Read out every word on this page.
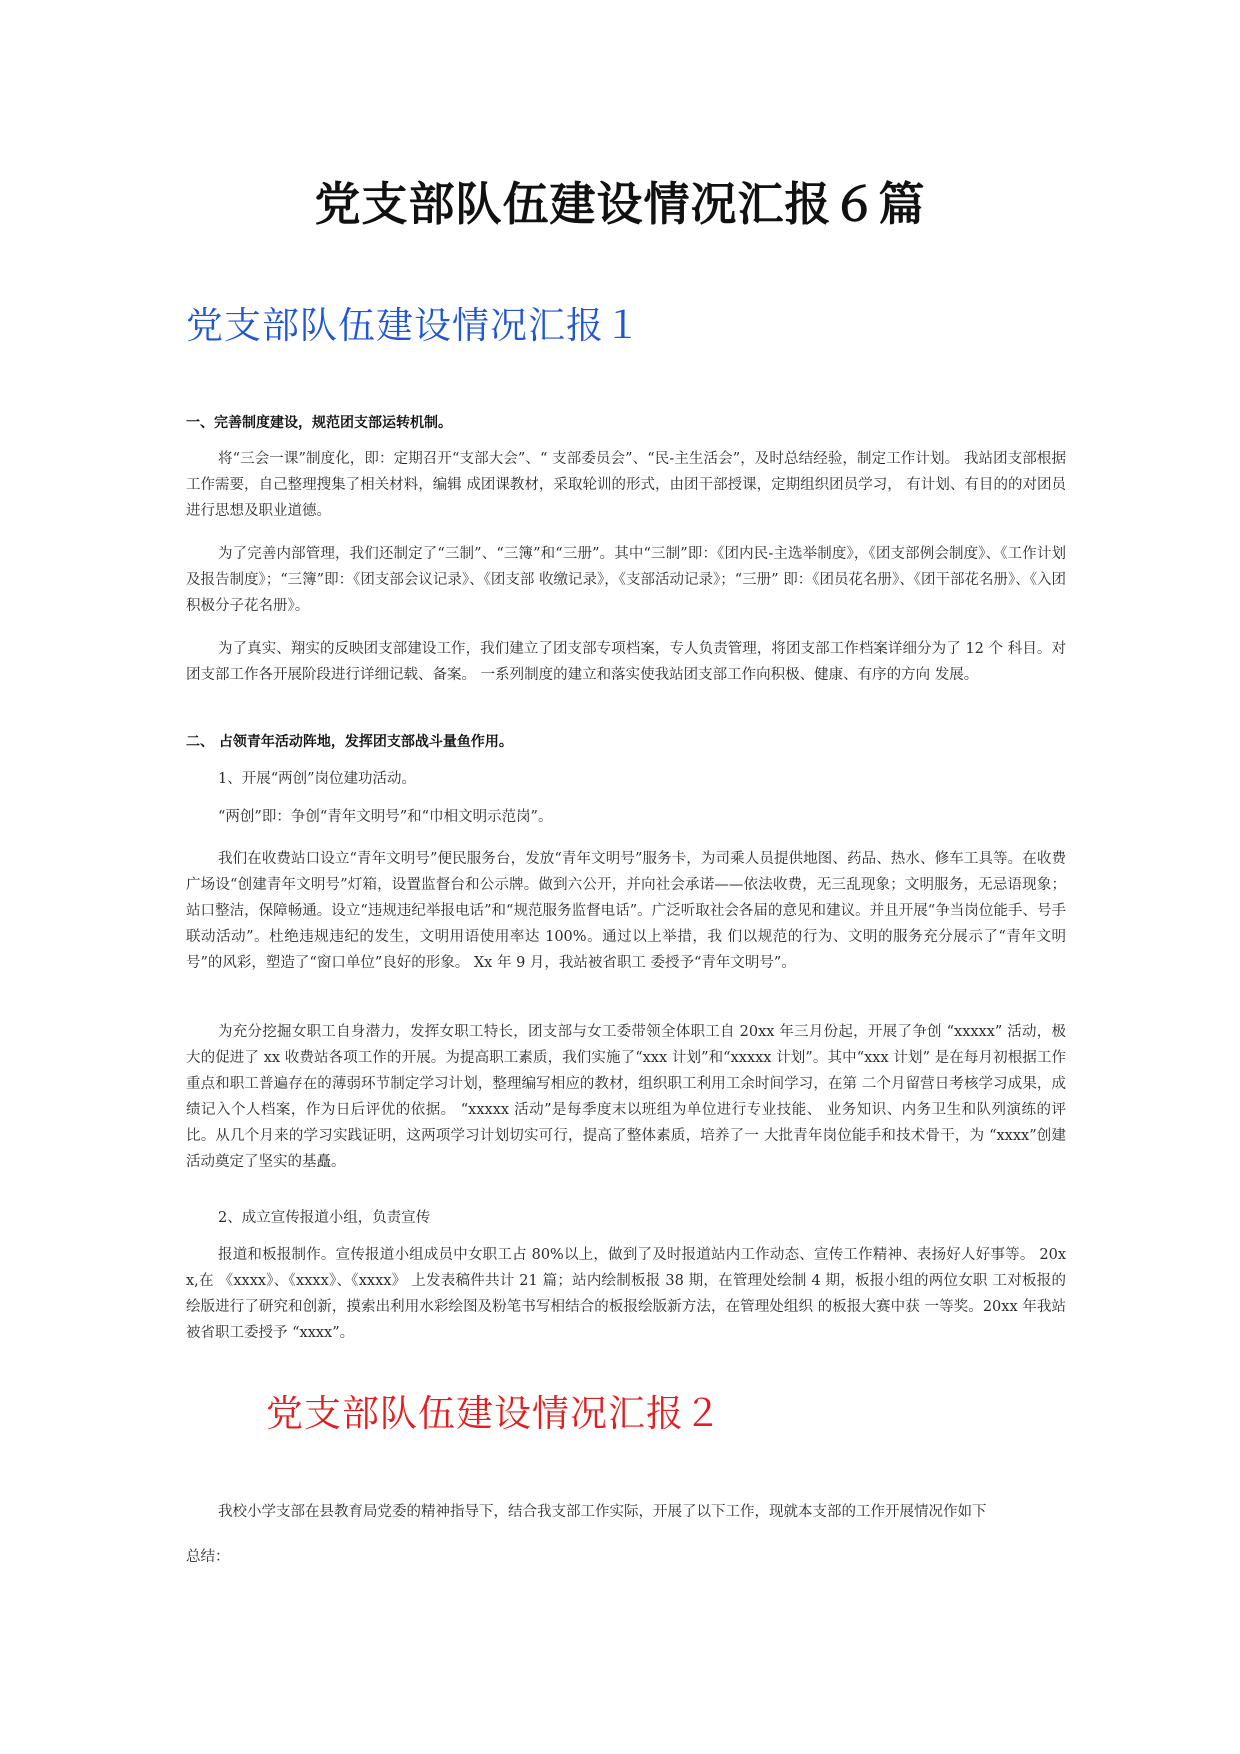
党支部队伍建设情况汇报６篇
党支部队伍建设情况汇报１

一、完善制度建设，规范团支部运转机制。

将“三会一课”制度化，即：定期召开“支部大会”、“ 支部委员会”、“民-主生活会”，及时总结经验，制定工作计划。 我站团支部根据工作需要，自己整理搜集了相关材料，编辑 成团课教材，采取轮训的形式，由团干部授课，定期组织团员学习， 有计划、有目的的对团员进行思想及职业道德。

为了完善内部管理，我们还制定了“三制”、“三簿”和“三册”。其中“三制”即：《团内民-主选举制度》，《团支部例会制度》、《工作计划及报告制度》；“三簿”即：《团支部会议记录》、《团支部 收缴记录》，《支部活动记录》；“三册” 即：《团员花名册》、《团干部花名册》、《入团积极分子花名册》。

为了真实、翔实的反映团支部建设工作，我们建立了团支部专项档案，专人负责管理，将团支部工作档案详细分为了 12 个 科目。对团支部工作各开展阶段进行详细记载、备案。 一系列制度的建立和落实使我站团支部工作向积极、健康、有序的方向 发展。

二、 占领青年活动阵地，发挥团支部战斗量鱼作用。

1、开展“两创”岗位建功活动。

“两创”即：争创“青年文明号”和“巾相文明示范岗”。

我们在收费站口设立“青年文明号”便民服务台，发放“青年文明号”服务卡，为司乘人员提供地图、药品、热水、修车工具等。在收费广场设“创建青年文明号”灯箱，设置监督台和公示牌。做到六公开，并向社会承诺——依法收费，无三乱现象；文明服务，无忌语现象；站口整洁，保障畅通。设立“违规违纪举报电话”和“规范服务监督电话”。广泛听取社会各届的意见和建议。并且开展“争当岗位能手、号手联动活动”。杜绝违规违纪的发生，文明用语使用率达 100%。通过以上举措，我 们以规范的行为、文明的服务充分展示了“青年文明号”的风彩，塑造了“窗口单位”良好的形象。 Xx 年 9 月，我站被省职工 委授予“青年文明号”。

为充分挖掘女职工自身潜力，发挥女职工特长，团支部与女工委带领全体职工自 20xx 年三月份起，开展了争创 “xxxxx” 活动，极大的促进了 xx 收费站各项工作的开展。为提高职工素质，我们实施了“xxx 计划”和“xxxxx 计划”。其中“xxx 计划” 是在每月初根据工作重点和职工普遍存在的薄弱环节制定学习计划，整理编写相应的教材，组织职工利用工余时间学习，在第 二个月留营日考核学习成果，成绩记入个人档案，作为日后评优的依据。 “xxxxx 活动”是每季度末以班组为单位进行专业技能、 业务知识、内务卫生和队列演练的评比。从几个月来的学习实践证明，这两项学习计划切实可行，提高了整体素质，培养了一 大批青年岗位能手和技术骨干，为 “xxxx”创建活动奠定了坚实的基矗。

2、成立宣传报道小组，负责宣传

报道和板报制作。宣传报道小组成员中女职工占 80%以上，做到了及时报道站内工作动态、宣传工作精神、表扬好人好事等。 20xx,在 《xxxx》、《xxxx》、《xxxx》 上发表稿件共计 21 篇；站内绘制板报 38 期，在管理处绘制 4 期，板报小组的两位女职 工对板报的绘版进行了研究和创新，摸索出利用水彩绘图及粉笔书写相结合的板报绘版新方法，在管理处组织 的板报大赛中获 一等奖。20xx 年我站被省职工委授予 “xxxx”。

党支部队伍建设情况汇报２

我校小学支部在县教育局党委的精神指导下，结合我支部工作实际，开展了以下工作，现就本支部的工作开展情况作如下

总结：
